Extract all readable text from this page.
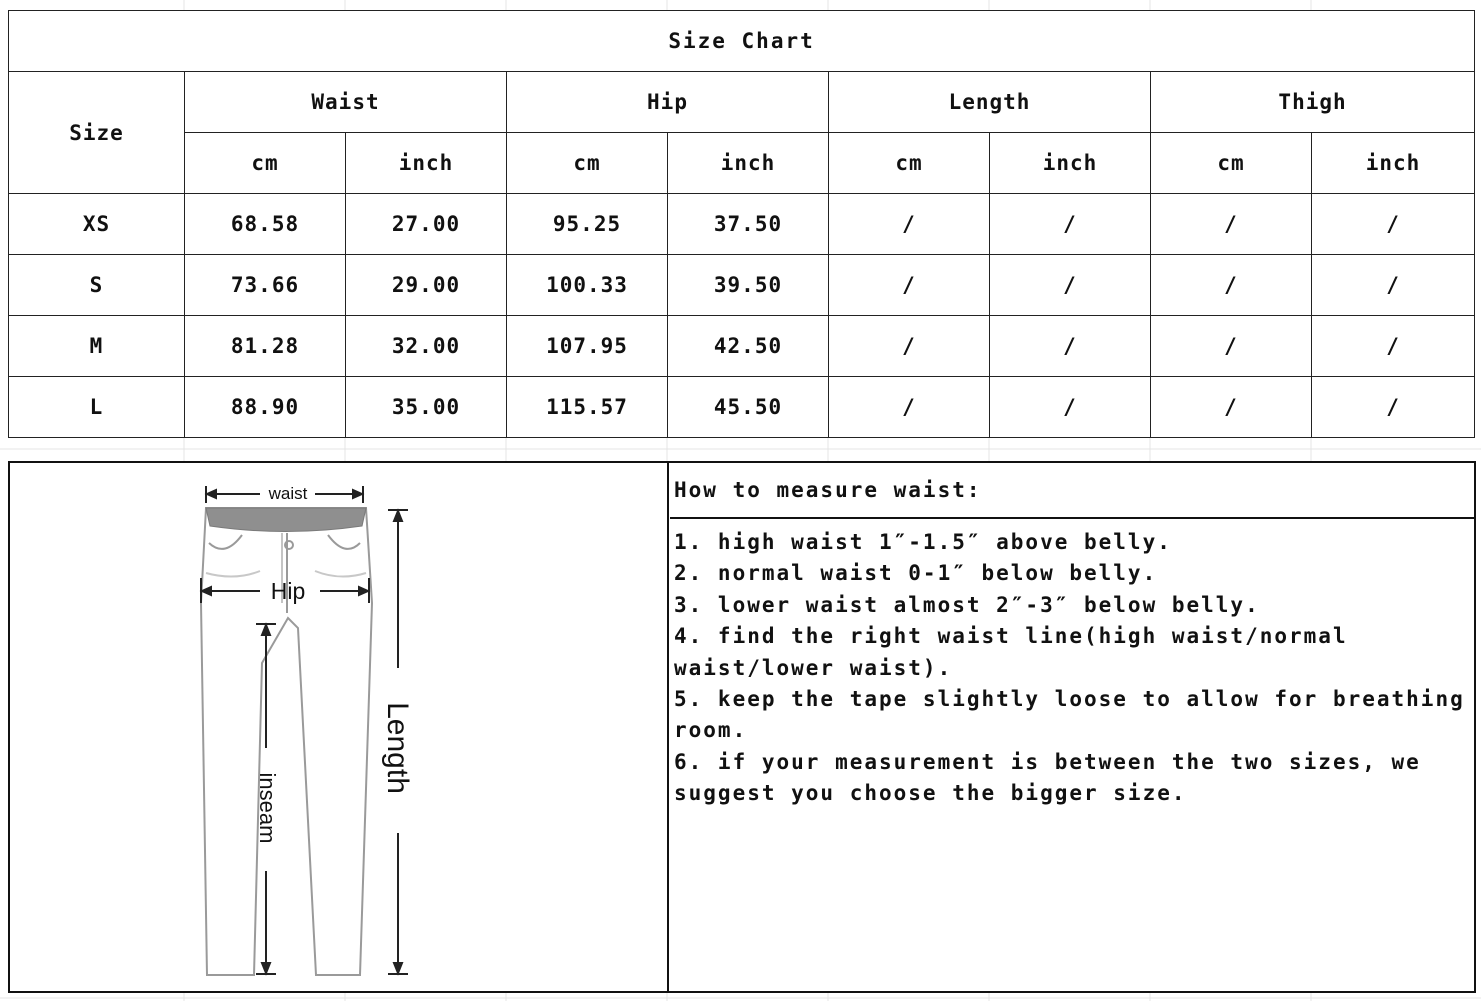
Size Chart								
Size	Waist		Hip		Length		Thigh	
	cm	inch	cm	inch	cm	inch	cm	inch
XS	68.58	27.00	95.25	37.50	/	/	/	/
S	73.66	29.00	100.33	39.50	/	/	/	/
M	81.28	32.00	107.95	42.50	/	/	/	/
L	88.90	35.00	115.57	45.50	/	/	/	/
waist
Hip
Length
inseam
How to measure waist:
1. high waist 1″-1.5″ above belly.
2. normal waist 0-1″ below belly.
3. lower waist almost 2″-3″ below belly.
4. find the right waist line(high waist/normal waist/lower waist).
5. keep the tape slightly loose to allow for breathing room.
6. if your measurement is between the two sizes, we suggest you choose the bigger size.
